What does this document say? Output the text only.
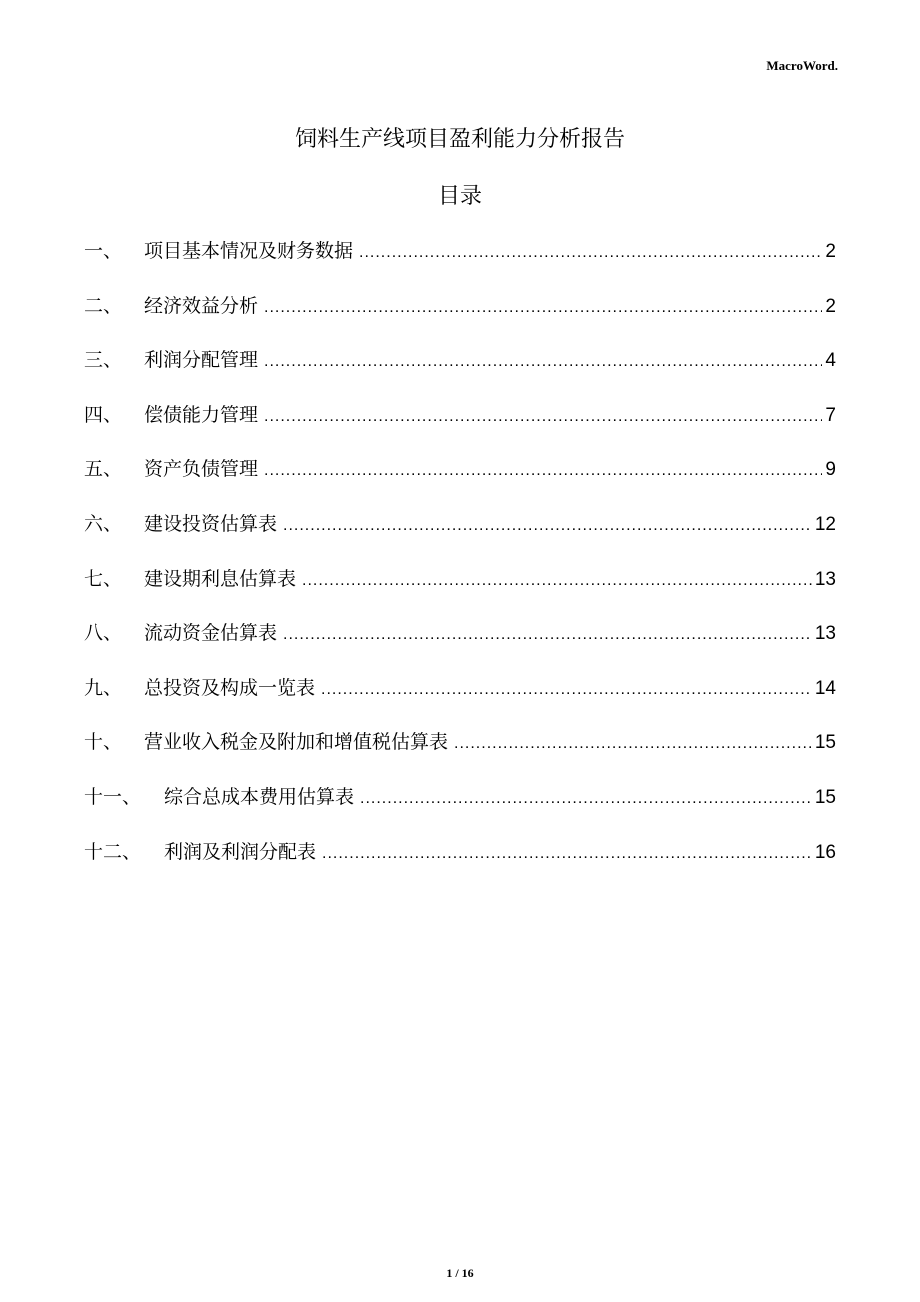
MacroWord.
饲料生产线项目盈利能力分析报告
目录
一、	项目基本情况及财务数据 .....	2
二、	经济效益分析 .....	2
三、	利润分配管理 .....	4
四、	偿债能力管理 .....	7
五、	资产负债管理 .....	9
六、	建设投资估算表 .....	12
七、	建设期利息估算表 .....	13
八、	流动资金估算表 .....	13
九、	总投资及构成一览表 .....	14
十、	营业收入税金及附加和增值税估算表 .....	15
十一、	综合总成本费用估算表 .....	15
十二、	利润及利润分配表 .....	16
1 / 16
